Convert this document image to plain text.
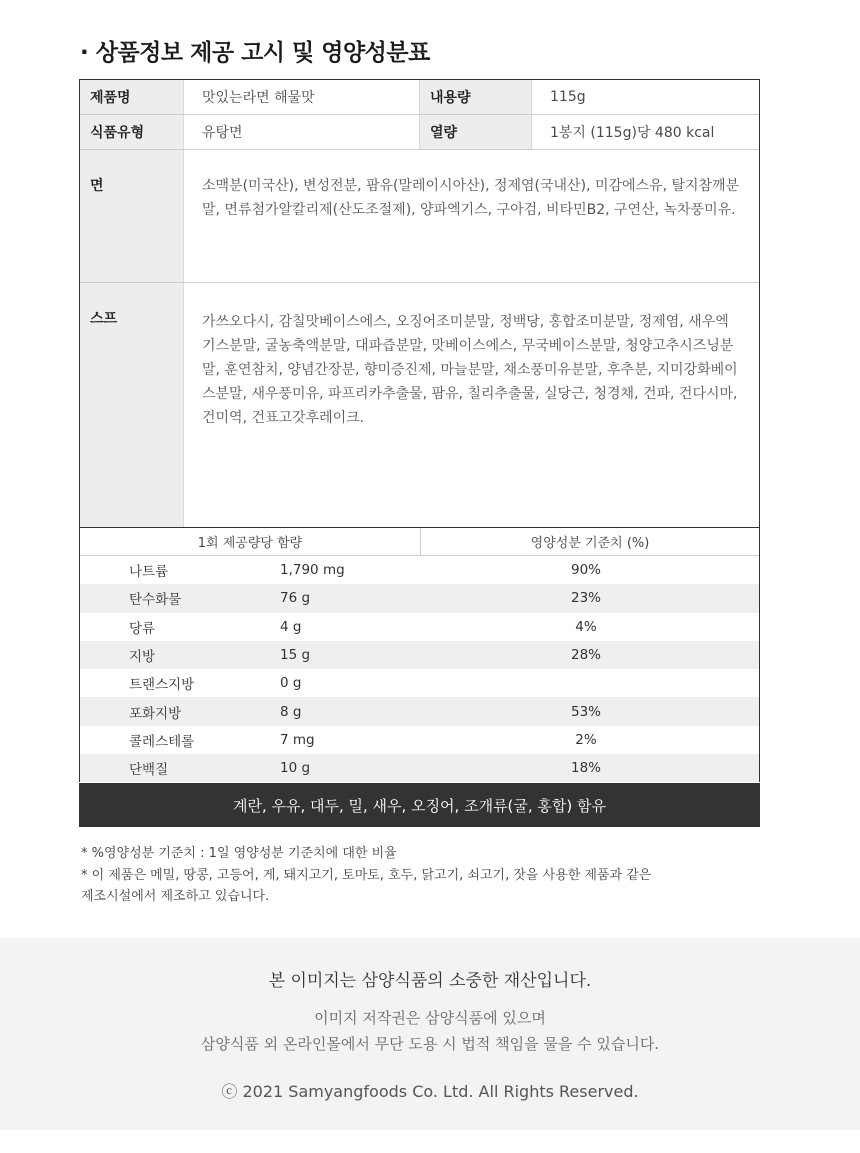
· 상품정보 제공 고시 및 영양성분표
제품명	맛있는라면 해물맛	내용량	115g
식품유형	유탕면	열량	1봉지 (115g)당 480 kcal
면	소맥분(미국산), 변성전분, 팜유(말레이시아산), 정제염(국내산), 미감에스유, 탈지참깨분말, 면류첨가알칼리제(산도조절제), 양파엑기스, 구아검, 비타민B2, 구연산, 녹차풍미유.
스프	가쓰오다시, 감칠맛베이스에스, 오징어조미분말, 정백당, 홍합조미분말, 정제염, 새우엑기스분말, 굴농축액분말, 대파즙분말, 맛베이스에스, 무국베이스분말, 청양고추시즈닝분말, 훈연참치, 양념간장분, 향미증진제, 마늘분말, 채소풍미유분말, 후추분, 지미강화베이스분말, 새우풍미유, 파프리카추출물, 팜유, 칠리추출물, 실당근, 청경채, 건파, 건다시마, 건미역, 건표고갓후레이크.
1회 제공량당 함량	영양성분 기준치 (%)
나트륨	1,790 mg	90%
탄수화물	76 g	23%
당류	4 g	4%
지방	15 g	28%
트랜스지방	0 g
포화지방	8 g	53%
콜레스테롤	7 mg	2%
단백질	10 g	18%
계란, 우유, 대두, 밀, 새우, 오징어, 조개류(굴, 홍합) 함유

* %영양성분 기준치 : 1일 영양성분 기준치에 대한 비율

* 이 제품은 메밀, 땅콩, 고등어, 게, 돼지고기, 토마토, 호두, 닭고기, 쇠고기, 잣을 사용한 제품과 같은

제조시설에서 제조하고 있습니다.

본 이미지는 삼양식품의 소중한 재산입니다.
이미지 저작권은 삼양식품에 있으며
삼양식품 외 온라인몰에서 무단 도용 시 법적 책임을 물을 수 있습니다.
ⓒ 2021 Samyangfoods Co. Ltd. All Rights Reserved.
